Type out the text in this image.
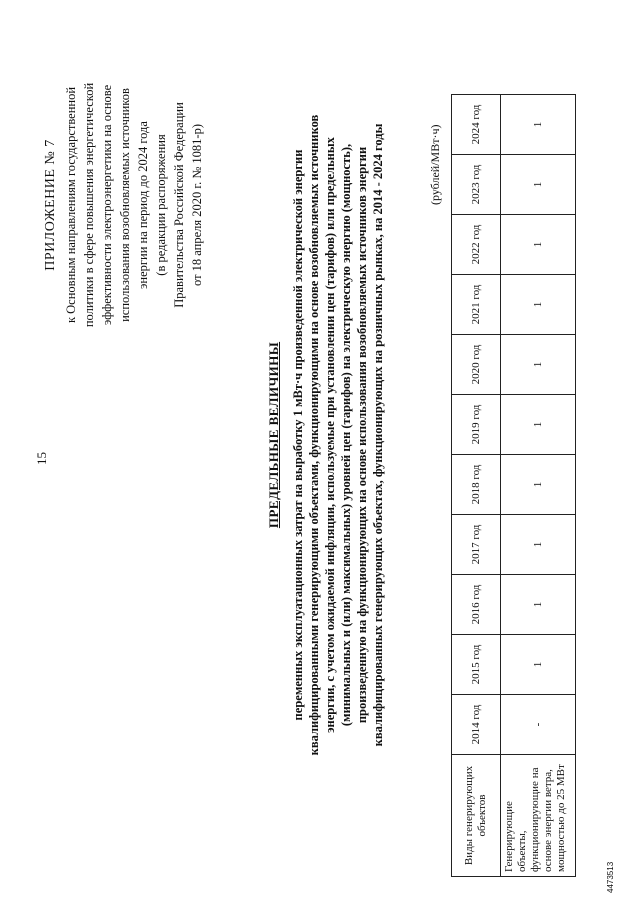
15
ПРИЛОЖЕНИЕ № 7 к Основным направлениям государственной политики в сфере повышения энергетической эффективности электроэнергетики на основе использования возобновляемых источников энергии на период до 2024 года (в редакции распоряжения Правительства Российской Федерации от 18 апреля 2020 г. № 1081-р)
ПРЕДЕЛЬНЫЕ ВЕЛИЧИНЫ переменных эксплуатационных затрат на выработку 1 мВт·ч произведенной электрической энергии квалифицированными генерирующими объектами, функционирующими на основе возобновляемых источников энергии, с учетом ожидаемой инфляции, используемые при установлении цен (тарифов) или предельных (минимальных и (или) максимальных) уровней цен (тарифов) на электрическую энергию (мощность), произведенную на функционирующих на основе использования возобновляемых источников энергии квалифицированных генерирующих объектах, функционирующих на розничных рынках, на 2014 - 2024 годы	(рублей/МВт·ч)
Виды генерирующих объектов	2014 год	2015 год	2016 год	2017 год	2018 год	2019 год	2020 год	2021 год	2022 год	2023 год	2024 год
Генерирующие объекты, функционирующие на основе энергии ветра, мощностью до 25 МВт	-	1	1	1	1	1	1	1	1	1	1
4473513
